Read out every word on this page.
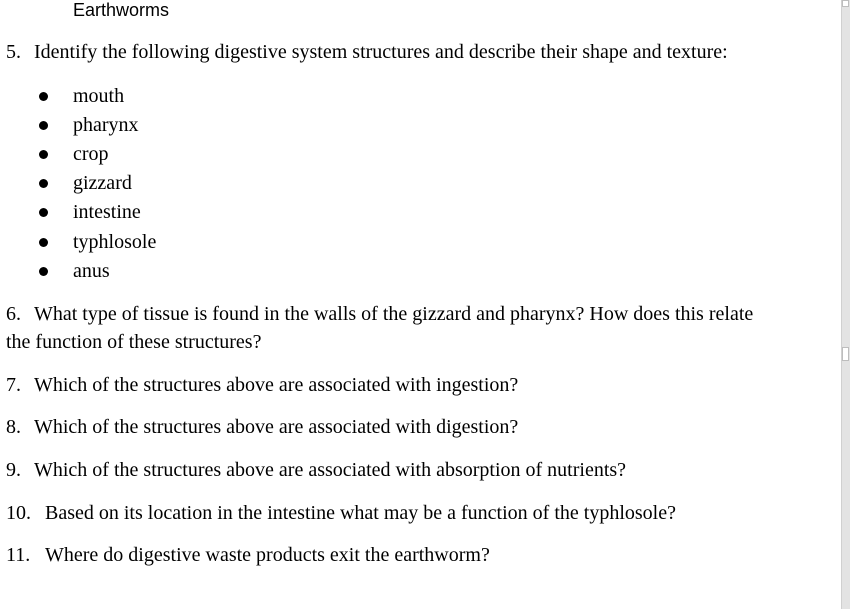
Earthworms
5. Identify the following digestive system structures and describe their shape and texture:
mouth
pharynx
crop
gizzard
intestine
typhlosole
anus
6. What type of tissue is found in the walls of the gizzard and pharynx? How does this relate
the function of these structures?
7. Which of the structures above are associated with ingestion?
8. Which of the structures above are associated with digestion?
9. Which of the structures above are associated with absorption of nutrients?
10. Based on its location in the intestine what may be a function of the typhlosole?
11. Where do digestive waste products exit the earthworm?
